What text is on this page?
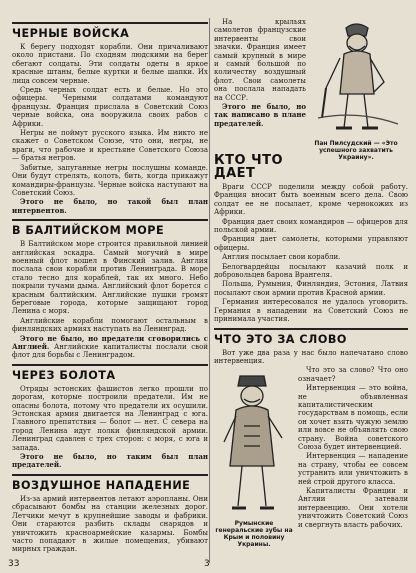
ЧЕРНЫЕ ВОЙСКА
К берегу подходят корабли. Они причаливают около пристани. По сходням людскими на берег сбегают солдаты. Эти солдаты одеты в яркое красные штаны, белые куртки и белые шапки. Их лица совсем черные.
Средь черных солдат есть и белые. Но это офицеры. Черными солдатами командуют французы. Франция прислала в Советский Союз черные войска, она вооружила своих рабов с Африки.
Негры не поймут русского языка. Им никто не скажет о Советском Союзе, что они, негры, не враги, что рабочие и крестьяне Советского Союза — братья негров.
Забитые, запуганные негры послушны команде. Они будут стрелять, колоть, бить, когда прикажут командиры-французы. Черные войска наступают на Советский Союз.
Этого не было, но такой был план интервентов.
В БАЛТИЙСКОМ МОРЕ
В Балтийском море строится правильной линией английская эскадра. Самый могучий в мире военный флот вошел в Финский залив. Англия послала свои корабли против Ленинграда. В море стало тесно для кораблей, так их много. Небо покрыли тучами дыма. Английский флот борется с красным балтийским. Английские пушки громят береговые города, которые защищают город Ленина с моря.
Английские корабли помогают остальным в финляндских армиях наступать на Ленинград.
Этого не было, но предатели сговорились с Англией. Английские капиталисты послали свой флот для борьбы с Ленинградом.
ЧЕРЕЗ БОЛОТА
Отряды эстонских фашистов легко прошли по дорогам, которые построили предатели. Им не опасны болота, потому что предатели их осушили. Эстонская армия двигается на Ленинград с юга. Главного препятствия — болот — нет. С севера на город Ленина идут полки финляндской армии. Ленинград сдавлен с трех сторон: с моря, с юга и запада.
Этого не было, но таким был план предателей.
ВОЗДУШНОЕ НАПАДЕНИЕ
Из-за армий интервентов летают аэропланы. Они сбрасывают бомбы на станции железных дорог. Летчики мечут в крупнейшие заводы и фабрики. Они стараются разбить склады снарядов и уничтожить красноармейские казармы. Бомбы часто попадают в жилые помещения, убивают мирных граждан.
На крыльях самолетов французские интервенты свои значки. Франция имеет самый крупный в мире и самый большой по количеству воздушный флот. Свои самолеты она послала нападать на СССР.
Этого не было, но так написано в плане предателей.
Пан Пилсудский — «Это успешного захватить Украину».
КТО ЧТО ДАЕТ
Враги СССР поделили между собой работу. Франция вносит быть военным всего дела. Свою солдат ее не посылает, кроме чернокожих из Африки.
Франция дает своих командиров — офицеров для польской армии.
Франция дает самолеты, которыми управляют офицеры.
Англия посылает свои корабли.
Белогвардейцы посылают казачий полк и добровольцев барона Врангеля.
Польша, Румыния, Финляндия, Эстония, Латвия посылают свои армии против Красной армии.
Германия интересовался не удалось уговорить. Германия в нападении на Советский Союз не принимала участия.
ЧТО ЭТО ЗА СЛОВО
Вот уже два раза у нас было напечатано слово интервенция.
Румынские генеральские зубы на Крым и половину Украины.
Что это за слово? Что оно означает?
Интервенция — это война, не объявленная капиталистическим государствам в помощь, если он хочет взять чужую землю или вовсе не объявлять свою страну. Война советского Союза будет интервенцией.
Интервенция — нападение на страну, чтобы ее совсем устранить или уничтожить в ней строй другого класса.
Капиталисты Франции и Англии затевали интервенцию. Они хотели уничтожить Советский Союз и свергнуть власть рабочих.
33	3
